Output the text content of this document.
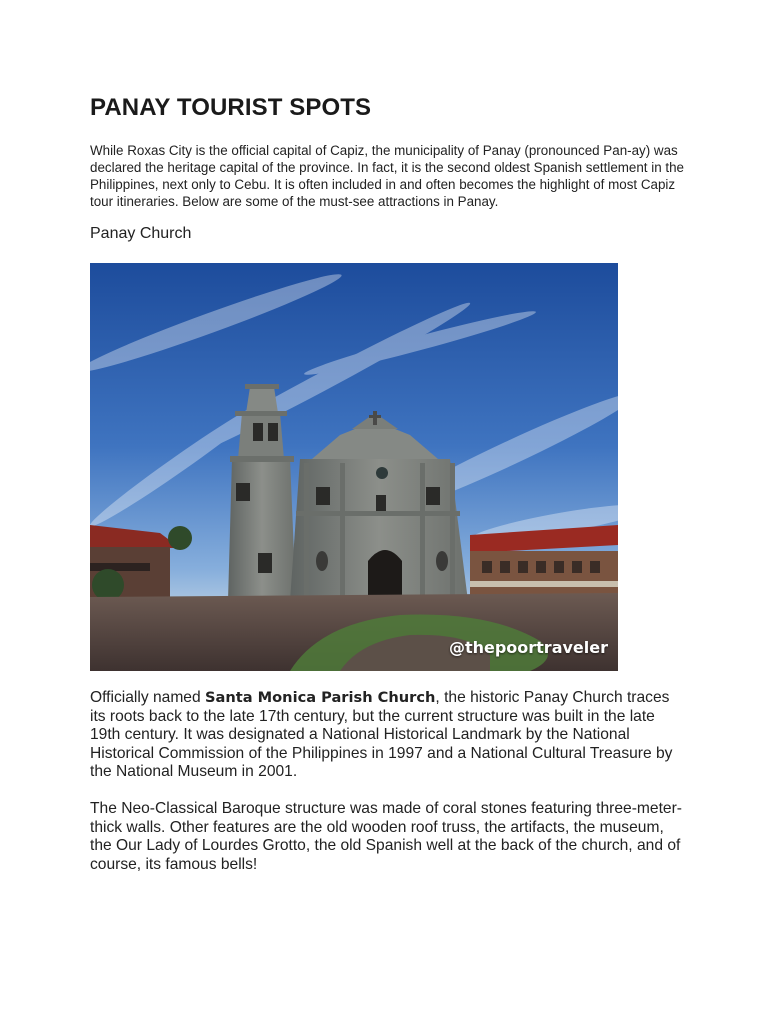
PANAY TOURIST SPOTS

While Roxas City is the official capital of Capiz, the municipality of Panay (pronounced Pan-ay) was declared the heritage capital of the province. In fact, it is the second oldest Spanish settlement in the Philippines, next only to Cebu. It is often included in and often becomes the highlight of most Capiz tour itineraries. Below are some of the must-see attractions in Panay.

Panay Church
@thepoortraveler

Officially named Santa Monica Parish Church, the historic Panay Church traces its roots back to the late 17th century, but the current structure was built in the late 19th century. It was designated a National Historical Landmark by the National Historical Commission of the Philippines in 1997 and a National Cultural Treasure by the National Museum in 2001.

The Neo-Classical Baroque structure was made of coral stones featuring three-meter-thick walls. Other features are the old wooden roof truss, the artifacts, the museum, the Our Lady of Lourdes Grotto, the old Spanish well at the back of the church, and of course, its famous bells!
